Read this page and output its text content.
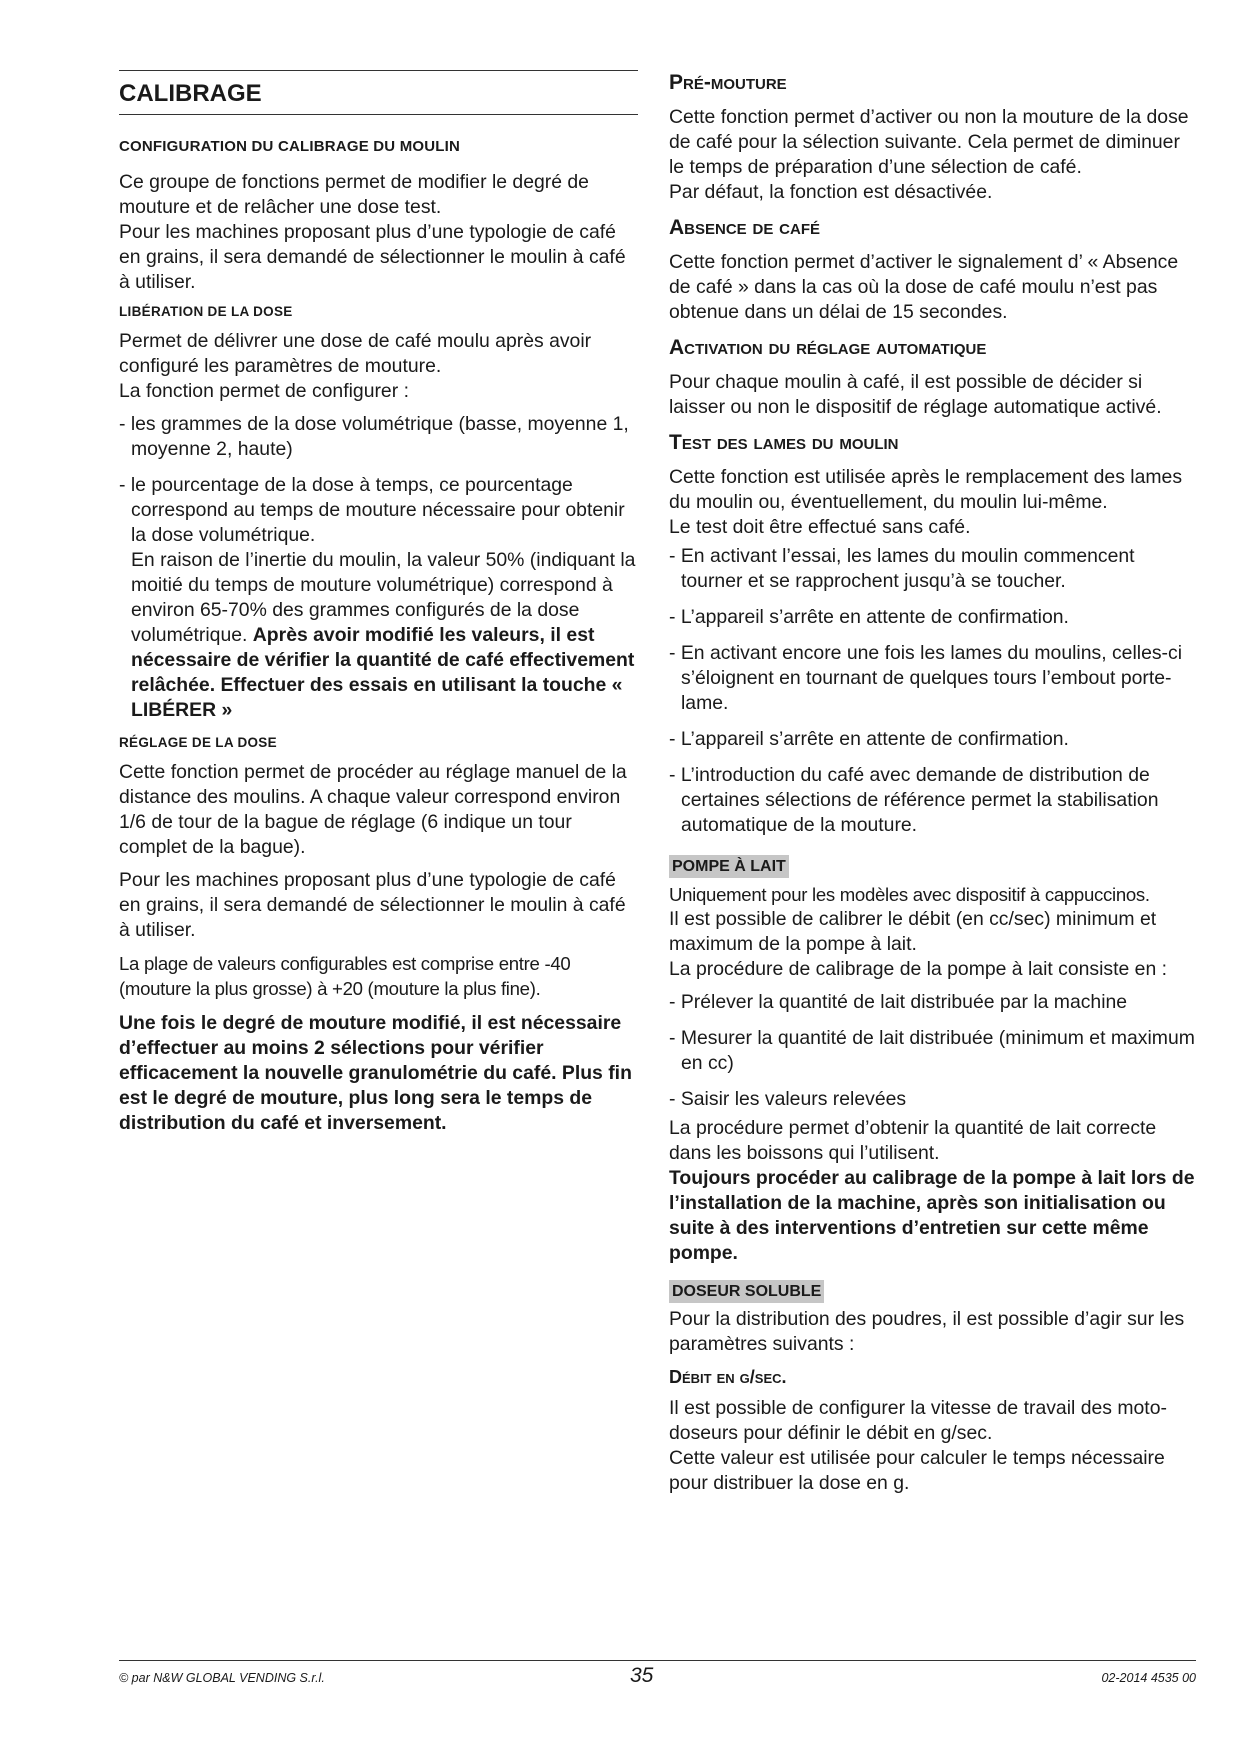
CALIBRAGE
CONFIGURATION DU CALIBRAGE DU MOULIN

Ce groupe de fonctions permet de modifier le degré de mouture et de relâcher une dose test.

Pour les machines proposant plus d’une typologie de café en grains, il sera demandé de sélectionner le moulin à café à utiliser.

LIBÉRATION DE LA DOSE

Permet de délivrer une dose de café moulu après avoir configuré les paramètres de mouture.

La fonction permet de configurer :

- les grammes de la dose volumétrique (basse, moyenne 1, moyenne 2, haute)
- le pourcentage de la dose à temps, ce pourcentage correspond au temps de mouture nécessaire pour obtenir la dose volumétrique.
En raison de l’inertie du moulin, la valeur 50% (indiquant la moitié du temps de mouture volumétrique) correspond à environ 65-70% des grammes configurés de la dose volumétrique. Après avoir modifié les valeurs, il est nécessaire de vérifier la quantité de café effectivement relâchée. Effectuer des essais en utilisant la touche « LIBÉRER »
RÉGLAGE DE LA DOSE

Cette fonction permet de procéder au réglage manuel de la distance des moulins. A chaque valeur correspond environ 1/6 de tour de la bague de réglage (6 indique un tour complet de la bague).

Pour les machines proposant plus d’une typologie de café en grains, il sera demandé de sélectionner le moulin à café à utiliser.

La plage de valeurs configurables est comprise entre -40 (mouture la plus grosse) à +20 (mouture la plus fine).

Une fois le degré de mouture modifié, il est nécessaire d’effectuer au moins 2 sélections pour vérifier efficacement la nouvelle granulométrie du café. Plus fin est le degré de mouture, plus long sera le temps de distribution du café et inversement.

Pré-mouture

Cette fonction permet d’activer ou non la mouture de la dose de café pour la sélection suivante. Cela permet de diminuer le temps de préparation d’une sélection de café.

Par défaut, la fonction est désactivée.

Absence de café

Cette fonction permet d’activer le signalement d’ « Absence de café » dans la cas où la dose de café moulu n’est pas obtenue dans un délai de 15 secondes.

Activation du réglage automatique

Pour chaque moulin à café, il est possible de décider si laisser ou non le dispositif de réglage automatique activé.

Test des lames du moulin

Cette fonction est utilisée après le remplacement des lames du moulin ou, éventuellement, du moulin lui-même.

Le test doit être effectué sans café.

- En activant l’essai, les lames du moulin commencent tourner et se rapprochent jusqu’à se toucher.
- L’appareil s’arrête en attente de confirmation.
- En activant encore une fois les lames du moulins, celles-ci s’éloignent en tournant de quelques tours l’embout porte-lame.
- L’appareil s’arrête en attente de confirmation.
- L’introduction du café avec demande de distribution de certaines sélections de référence permet la stabilisation automatique de la mouture.
POMPE À LAIT

Uniquement pour les modèles avec dispositif à cappuccinos.

Il est possible de calibrer le débit (en cc/sec) minimum et maximum de la pompe à lait.

La procédure de calibrage de la pompe à lait consiste en :

- Prélever la quantité de lait distribuée par la machine
- Mesurer la quantité de lait distribuée (minimum et maximum en cc)
- Saisir les valeurs relevées

La procédure permet d’obtenir la quantité de lait correcte dans les boissons qui l’utilisent.

Toujours procéder au calibrage de la pompe à lait lors de l’installation de la machine, après son initialisation ou suite à des interventions d’entretien sur cette même pompe.

DOSEUR SOLUBLE

Pour la distribution des poudres, il est possible d’agir sur les paramètres suivants :

Débit en g/sec.

Il est possible de configurer la vitesse de travail des moto-doseurs pour définir le débit en g/sec.

Cette valeur est utilisée pour calculer le temps nécessaire pour distribuer la dose en g.

© par N&W GLOBAL VENDING S.r.l.	35	02-2014 4535 00
